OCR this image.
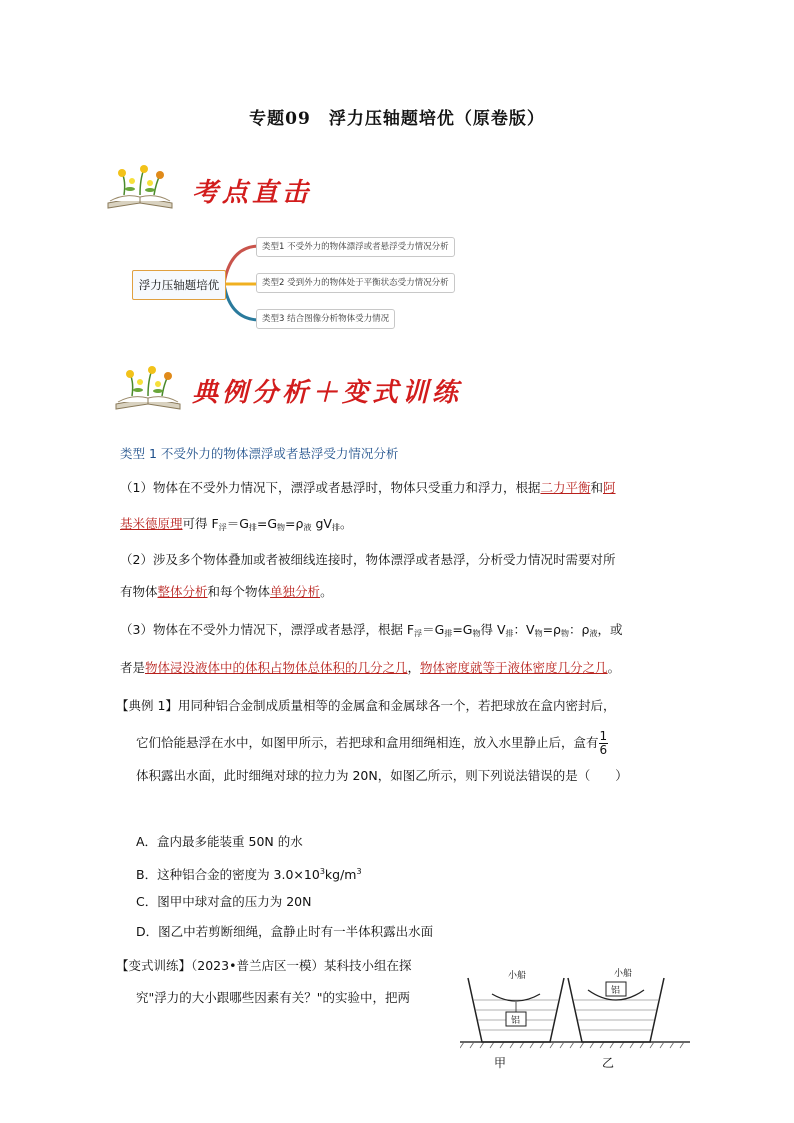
专题09　浮力压轴题培优（原卷版）
考点直击
浮力压轴题培优
类型1 不受外力的物体漂浮或者悬浮受力情况分析
类型2 受到外力的物体处于平衡状态受力情况分析
类型3 结合图像分析物体受力情况
典例分析＋变式训练
类型 1 不受外力的物体漂浮或者悬浮受力情况分析
（1）物体在不受外力情况下，漂浮或者悬浮时，物体只受重力和浮力，根据二力平衡和阿
基米德原理可得 $F_浮=G_排=G_物=\rho_液$ $gV_排$。
（2）涉及多个物体叠加或者被细线连接时，物体漂浮或者悬浮，分析受力情况时需要对所
有物体整体分析和每个物体单独分析。
（3）物体在不受外力情况下，漂浮或者悬浮，根据 $F_浮=G_排=G_物$得 $V_排$：$V_物=\rho_物$：$\rho_液$，或
者是物体浸没液体中的体积占物体总体积的几分之几，物体密度就等于液体密度几分之几。
【典例 1】用同种铝合金制成质量相等的金属盒和金属球各一个，若把球放在盒内密封后，
它们恰能悬浮在水中，如图甲所示，若把球和盒用细绳相连，放入水里静止后，盒有 $\frac{1}{6}$
体积露出水面，此时细绳对球的拉力为 20N，如图乙所示，则下列说法错误的是（　　）
A．盒内最多能装重 50N 的水
B．这种铝合金的密度为 $3.0\times 10^3kg/m^3$
C．图甲中球对盒的压力为 20N
D．图乙中若剪断细绳，盒静止时有一半体积露出水面
【变式训练】（2023•普兰店区一模）某科技小组在探
究"浮力的大小跟哪些因素有关？"的实验中，把两
小船	小船
铝
铝
甲	乙
